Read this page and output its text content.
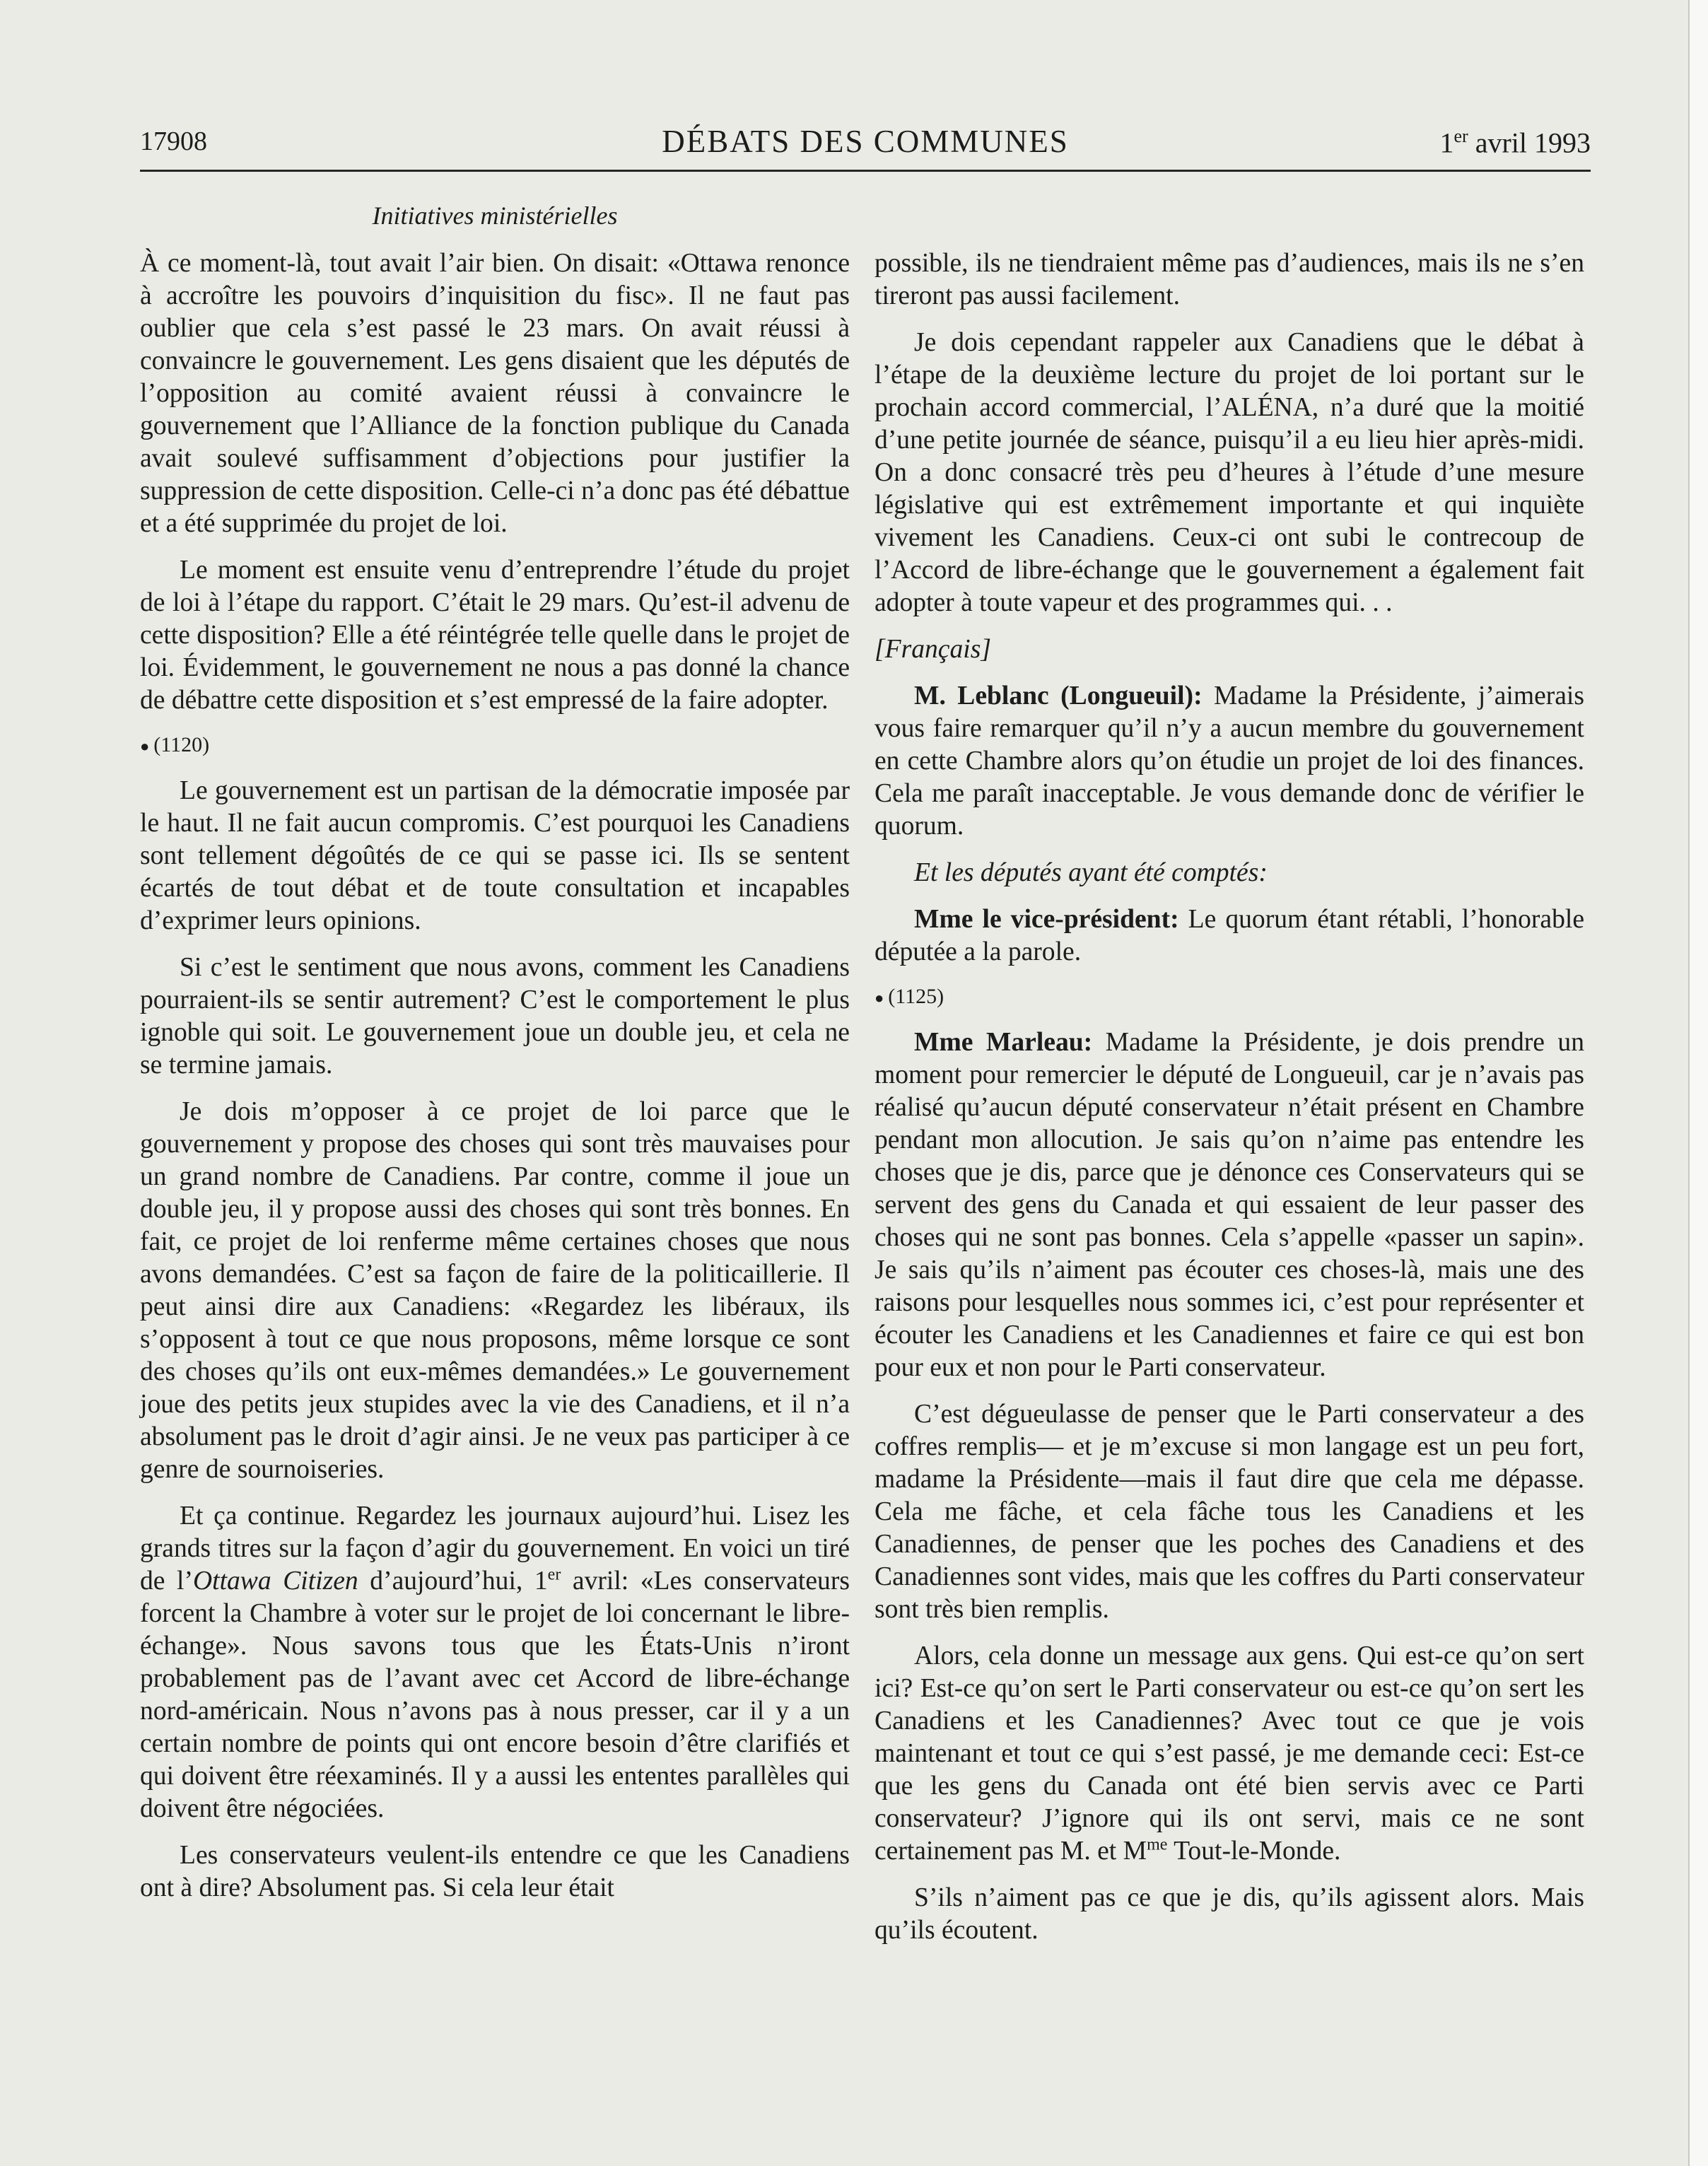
17908	DÉBATS DES COMMUNES	1er avril 1993
Initiatives ministérielles

À ce moment-là, tout avait l’air bien. On disait: «Ottawa renonce à accroître les pouvoirs d’inquisition du fisc». Il ne faut pas oublier que cela s’est passé le 23 mars. On avait réussi à convaincre le gouvernement. Les gens disaient que les députés de l’opposition au comité avaient réussi à convaincre le gouvernement que l’Alliance de la fonction publique du Canada avait soulevé suffisamment d’objections pour justifier la suppression de cette disposition. Celle-ci n’a donc pas été débattue et a été supprimée du projet de loi.

Le moment est ensuite venu d’entreprendre l’étude du projet de loi à l’étape du rapport. C’était le 29 mars. Qu’est-il advenu de cette disposition? Elle a été réintégrée telle quelle dans le projet de loi. Évidemment, le gouvernement ne nous a pas donné la chance de débattre cette disposition et s’est empressé de la faire adopter.

● (1120)

Le gouvernement est un partisan de la démocratie imposée par le haut. Il ne fait aucun compromis. C’est pourquoi les Canadiens sont tellement dégoûtés de ce qui se passe ici. Ils se sentent écartés de tout débat et de toute consultation et incapables d’exprimer leurs opinions.

Si c’est le sentiment que nous avons, comment les Canadiens pourraient-ils se sentir autrement? C’est le comportement le plus ignoble qui soit. Le gouvernement joue un double jeu, et cela ne se termine jamais.

Je dois m’opposer à ce projet de loi parce que le gouvernement y propose des choses qui sont très mauvaises pour un grand nombre de Canadiens. Par contre, comme il joue un double jeu, il y propose aussi des choses qui sont très bonnes. En fait, ce projet de loi renferme même certaines choses que nous avons demandées. C’est sa façon de faire de la politicaillerie. Il peut ainsi dire aux Canadiens: «Regardez les libéraux, ils s’opposent à tout ce que nous proposons, même lorsque ce sont des choses qu’ils ont eux-mêmes demandées.» Le gouvernement joue des petits jeux stupides avec la vie des Canadiens, et il n’a absolument pas le droit d’agir ainsi. Je ne veux pas participer à ce genre de sournoiseries.

Et ça continue. Regardez les journaux aujourd’hui. Lisez les grands titres sur la façon d’agir du gouvernement. En voici un tiré de l’Ottawa Citizen d’aujourd’hui, 1er avril: «Les conservateurs forcent la Chambre à voter sur le projet de loi concernant le libre-échange». Nous savons tous que les États-Unis n’iront probablement pas de l’avant avec cet Accord de libre-échange nord-américain. Nous n’avons pas à nous presser, car il y a un certain nombre de points qui ont encore besoin d’être clarifiés et qui doivent être réexaminés. Il y a aussi les ententes parallèles qui doivent être négociées.

Les conservateurs veulent-ils entendre ce que les Canadiens ont à dire? Absolument pas. Si cela leur était

possible, ils ne tiendraient même pas d’audiences, mais ils ne s’en tireront pas aussi facilement.

Je dois cependant rappeler aux Canadiens que le débat à l’étape de la deuxième lecture du projet de loi portant sur le prochain accord commercial, l’ALÉNA, n’a duré que la moitié d’une petite journée de séance, puisqu’il a eu lieu hier après-midi. On a donc consacré très peu d’heures à l’étude d’une mesure législative qui est extrêmement importante et qui inquiète vivement les Canadiens. Ceux-ci ont subi le contrecoup de l’Accord de libre-échange que le gouvernement a également fait adopter à toute vapeur et des programmes qui. . .

[Français]

M. Leblanc (Longueuil): Madame la Présidente, j’aimerais vous faire remarquer qu’il n’y a aucun membre du gouvernement en cette Chambre alors qu’on étudie un projet de loi des finances. Cela me paraît inacceptable. Je vous demande donc de vérifier le quorum.

Et les députés ayant été comptés:

Mme le vice-président: Le quorum étant rétabli, l’honorable députée a la parole.

● (1125)

Mme Marleau: Madame la Présidente, je dois prendre un moment pour remercier le député de Longueuil, car je n’avais pas réalisé qu’aucun député conservateur n’était présent en Chambre pendant mon allocution. Je sais qu’on n’aime pas entendre les choses que je dis, parce que je dénonce ces Conservateurs qui se servent des gens du Canada et qui essaient de leur passer des choses qui ne sont pas bonnes. Cela s’appelle «passer un sapin». Je sais qu’ils n’aiment pas écouter ces choses-là, mais une des raisons pour lesquelles nous sommes ici, c’est pour représenter et écouter les Canadiens et les Canadiennes et faire ce qui est bon pour eux et non pour le Parti conservateur.

C’est dégueulasse de penser que le Parti conservateur a des coffres remplis— et je m’excuse si mon langage est un peu fort, madame la Présidente—mais il faut dire que cela me dépasse. Cela me fâche, et cela fâche tous les Canadiens et les Canadiennes, de penser que les poches des Canadiens et des Canadiennes sont vides, mais que les coffres du Parti conservateur sont très bien remplis.

Alors, cela donne un message aux gens. Qui est-ce qu’on sert ici? Est-ce qu’on sert le Parti conservateur ou est-ce qu’on sert les Canadiens et les Canadiennes? Avec tout ce que je vois maintenant et tout ce qui s’est passé, je me demande ceci: Est-ce que les gens du Canada ont été bien servis avec ce Parti conservateur? J’ignore qui ils ont servi, mais ce ne sont certainement pas M. et $M^{me}$ Tout-le-Monde.

S’ils n’aiment pas ce que je dis, qu’ils agissent alors. Mais qu’ils écoutent.
